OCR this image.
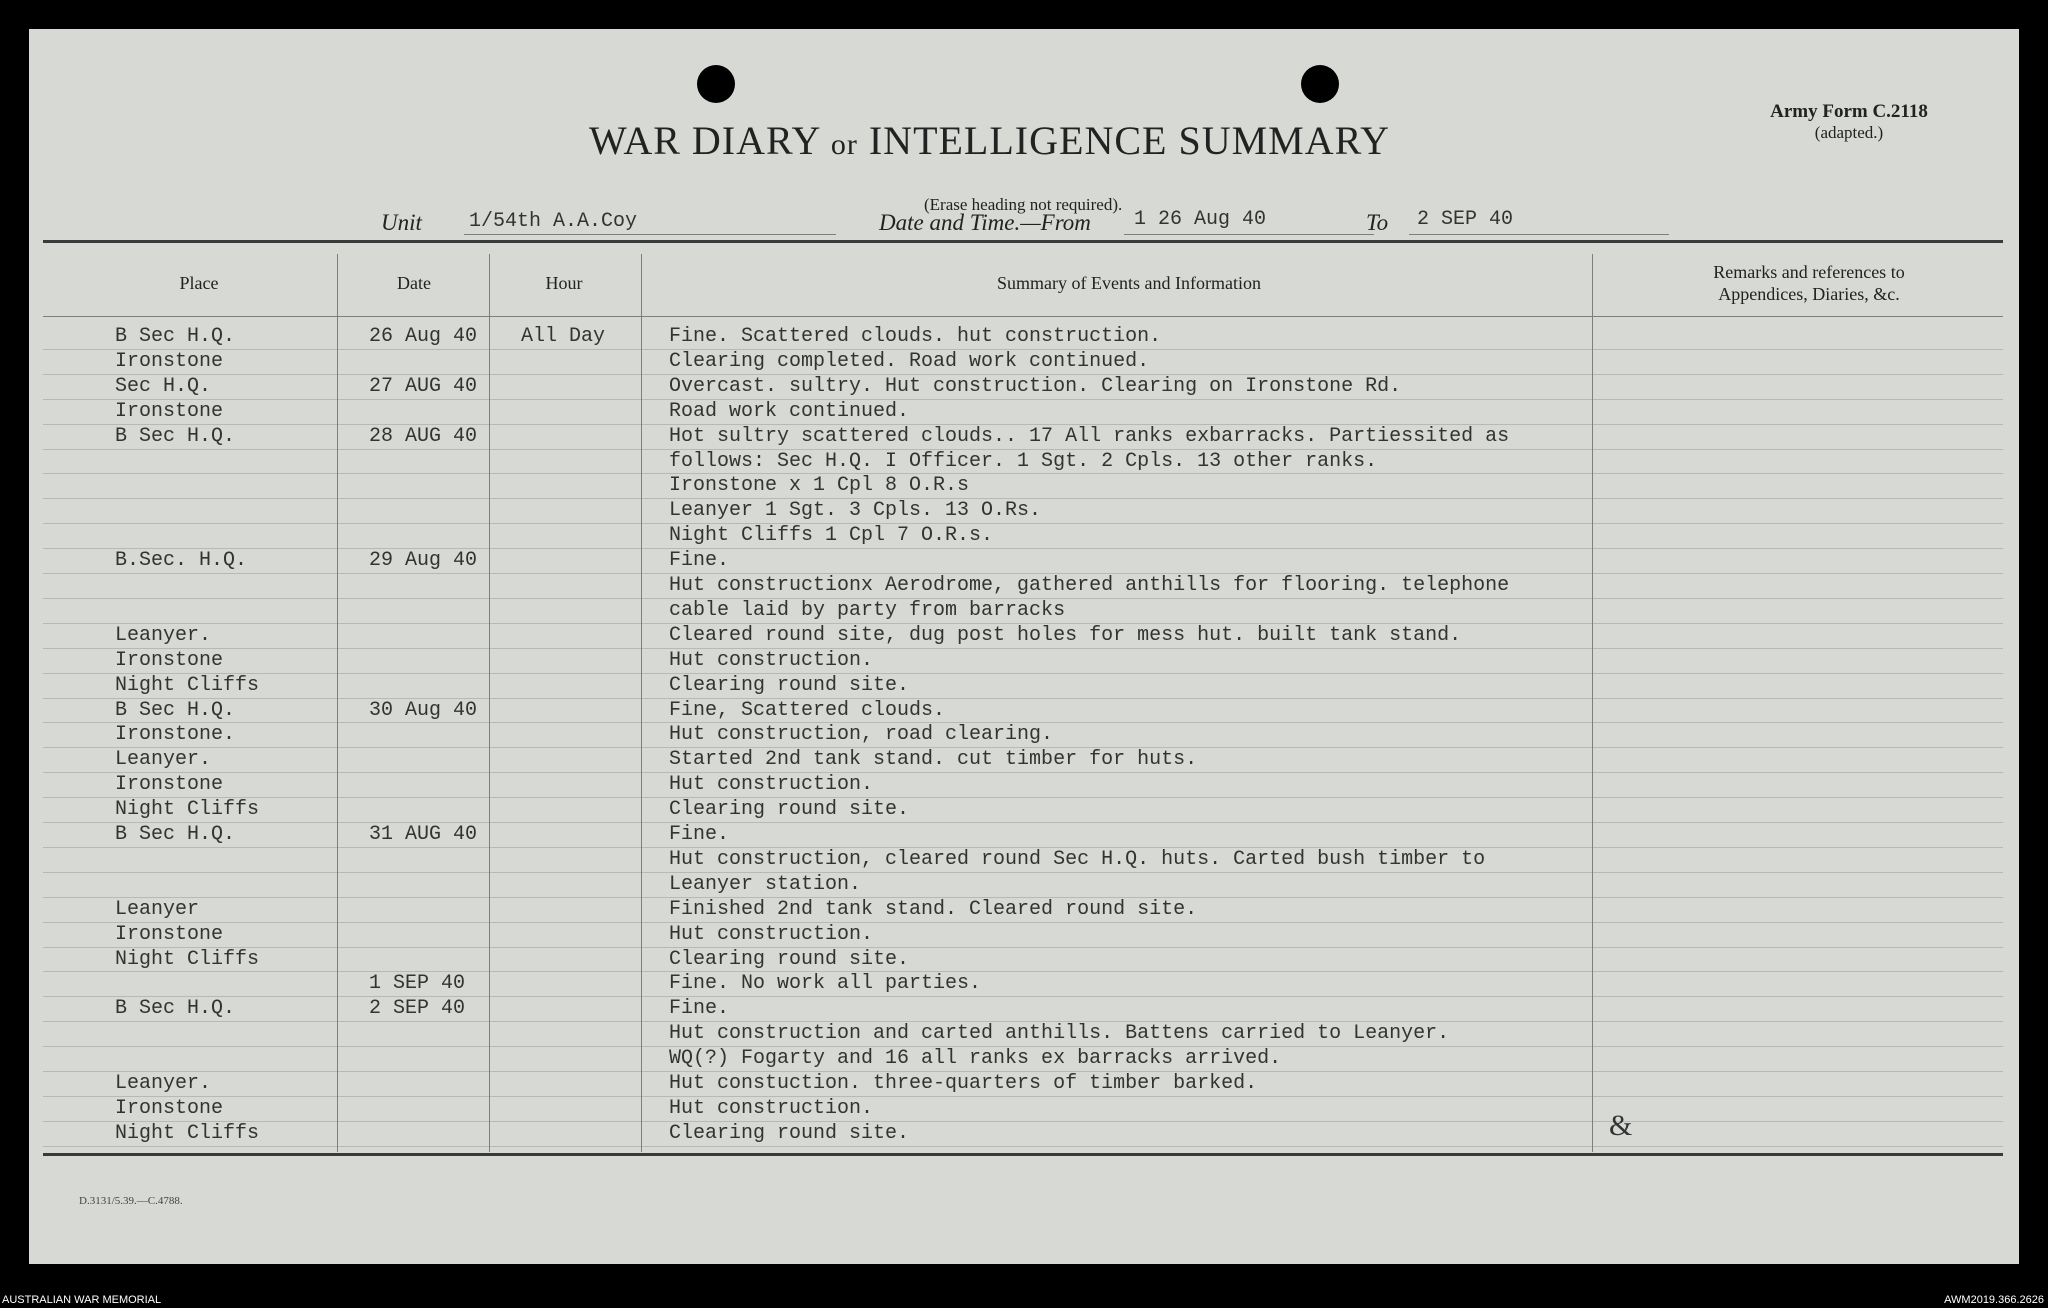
WAR DIARY or INTELLIGENCE SUMMARY
(Erase heading not required).
Army Form C.2118
(adapted.)
Unit 1/54th A.A.Coy	Date and Time.—From 1 26 Aug 40	To 2 SEP 40
Place	Date	Hour	Summary of Events and Information
Remarks and references to
Appendices, Diaries, &c.
B Sec H.Q.	26 Aug 40 All Day	Fine. Scattered clouds. hut construction.
Ironstone	Clearing completed. Road work continued.
Sec H.Q.	27 AUG 40	Overcast. sultry. Hut construction. Clearing on Ironstone Rd.
Ironstone	Road work continued.
B Sec H.Q.	28 AUG 40	Hot sultry scattered clouds.. 17 All ranks exbarracks. Partiessited as
follows: Sec H.Q. I Officer. 1 Sgt. 2 Cpls. 13 other ranks.
Ironstone x 1 Cpl 8 O.R.s
Leanyer 1 Sgt. 3 Cpls. 13 O.Rs.
Night Cliffs 1 Cpl 7 O.R.s.
B.Sec. H.Q.	29 Aug 40	Fine.
Hut constructionx Aerodrome, gathered anthills for flooring. telephone
cable laid by party from barracks
Leanyer.	Cleared round site, dug post holes for mess hut. built tank stand.
Ironstone	Hut construction.
Night Cliffs	Clearing round site.
B Sec H.Q.	30 Aug 40	Fine, Scattered clouds.
Ironstone.	Hut construction, road clearing.
Leanyer.	Started 2nd tank stand. cut timber for huts.
Ironstone	Hut construction.
Night Cliffs	Clearing round site.
B Sec H.Q.	31 AUG 40	Fine.
Hut construction, cleared round Sec H.Q. huts. Carted bush timber to
Leanyer station.
Leanyer	Finished 2nd tank stand. Cleared round site.
Ironstone	Hut construction.
Night Cliffs	Clearing round site.
1 SEP 40	Fine. No work all parties.
B Sec H.Q.	2 SEP 40	Fine.
Hut construction and carted anthills. Battens carried to Leanyer.
WQ(?) Fogarty and 16 all ranks ex barracks arrived.
Leanyer.	Hut constuction. three-quarters of timber barked.
Ironstone	Hut construction.
Night Cliffs	Clearing round site.	&
D.3131/5.39.—C.4788.
AUSTRALIAN WAR MEMORIAL	AWM2019.366.2626
